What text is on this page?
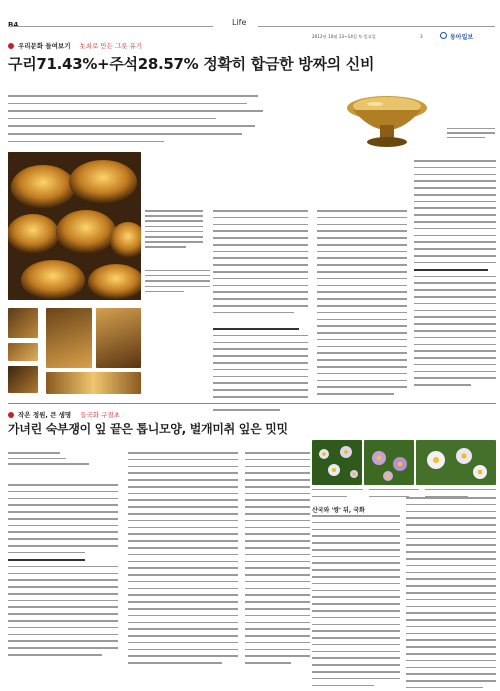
B4	Life
2012년 10월 13~14일 토·일요일	3	동아일보
우리문화 들여보기 놋쇠로 만든 그릇 유기
구리71.43%+주석28.57% 정확히 합금한 방짜의 신비
작은 정원, 큰 생명 들국화 구절초
가녀린 숙부쟁이 잎 끝은 톱니모양, 벌개미취 잎은 밋밋
산국와 '쌍' 뒤, 국화
